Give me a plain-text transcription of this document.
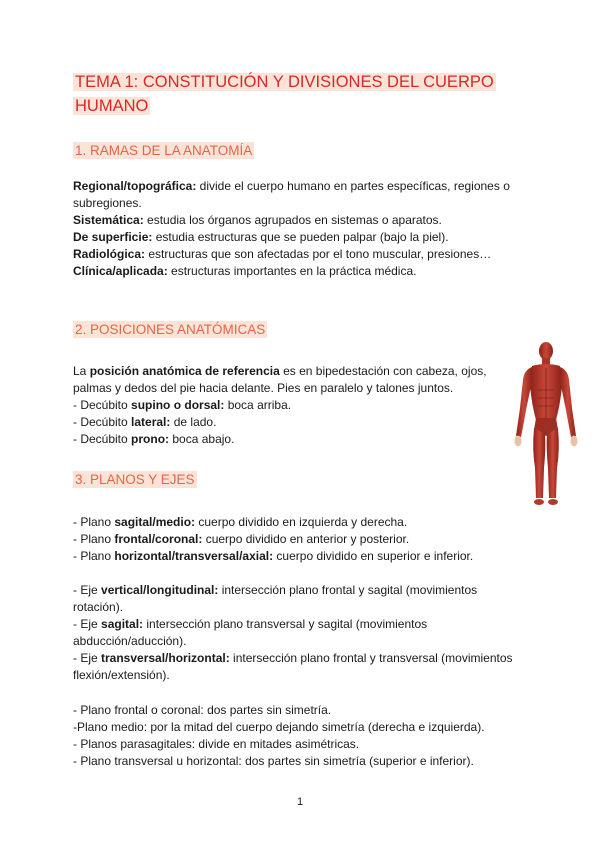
TEMA 1: CONSTITUCIÓN Y DIVISIONES DEL CUERPO HUMANO
1. RAMAS DE LA ANATOMÍA

Regional/topográfica: divide el cuerpo humano en partes específicas, regiones o subregiones.

Sistemática: estudia los órganos agrupados en sistemas o aparatos.

De superficie: estudia estructuras que se pueden palpar (bajo la piel).

Radiológica: estructuras que son afectadas por el tono muscular, presiones…

Clínica/aplicada: estructuras importantes en la práctica médica.

2. POSICIONES ANATÓMICAS

La posición anatómica de referencia es en bipedestación con cabeza, ojos, palmas y dedos del pie hacia delante. Pies en paralelo y talones juntos.

- Decúbito supino o dorsal: boca arriba.

- Decúbito lateral: de lado.

- Decúbito prono: boca abajo.

3. PLANOS Y EJES

- Plano sagital/medio: cuerpo dividido en izquierda y derecha.

- Plano frontal/coronal: cuerpo dividido en anterior y posterior.

- Plano horizontal/transversal/axial: cuerpo dividido en superior e inferior.

- Eje vertical/longitudinal: intersección plano frontal y sagital (movimientos rotación).

- Eje sagital: intersección plano transversal y sagital (movimientos abducción/aducción).

- Eje transversal/horizontal: intersección plano frontal y transversal (movimientos flexión/extensión).

- Plano frontal o coronal: dos partes sin simetría.

-Plano medio: por la mitad del cuerpo dejando simetría (derecha e izquierda).

- Planos parasagitales: divide en mitades asimétricas.

- Plano transversal u horizontal: dos partes sin simetría (superior e inferior).

1
